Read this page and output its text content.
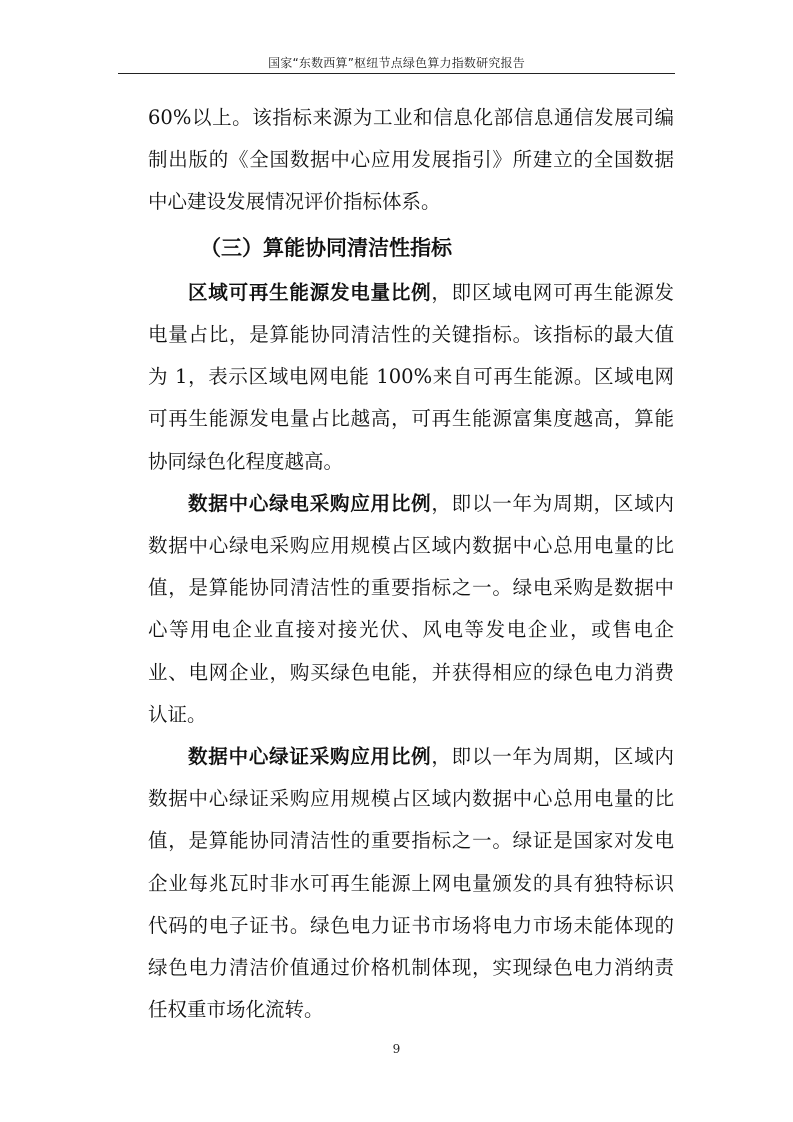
国家“东数西算”枢纽节点绿色算力指数研究报告

60%以上。该指标来源为工业和信息化部信息通信发展司编制出版的《全国数据中心应用发展指引》所建立的全国数据中心建设发展情况评价指标体系。

（三）算能协同清洁性指标

区域可再生能源发电量比例，即区域电网可再生能源发电量占比，是算能协同清洁性的关键指标。该指标的最大值为 1，表示区域电网电能 100%来自可再生能源。区域电网可再生能源发电量占比越高，可再生能源富集度越高，算能协同绿色化程度越高。

数据中心绿电采购应用比例，即以一年为周期，区域内数据中心绿电采购应用规模占区域内数据中心总用电量的比值，是算能协同清洁性的重要指标之一。绿电采购是数据中心等用电企业直接对接光伏、风电等发电企业，或售电企业、电网企业，购买绿色电能，并获得相应的绿色电力消费认证。

数据中心绿证采购应用比例，即以一年为周期，区域内数据中心绿证采购应用规模占区域内数据中心总用电量的比值，是算能协同清洁性的重要指标之一。绿证是国家对发电企业每兆瓦时非水可再生能源上网电量颁发的具有独特标识代码的电子证书。绿色电力证书市场将电力市场未能体现的绿色电力清洁价值通过价格机制体现，实现绿色电力消纳责任权重市场化流转。

9
